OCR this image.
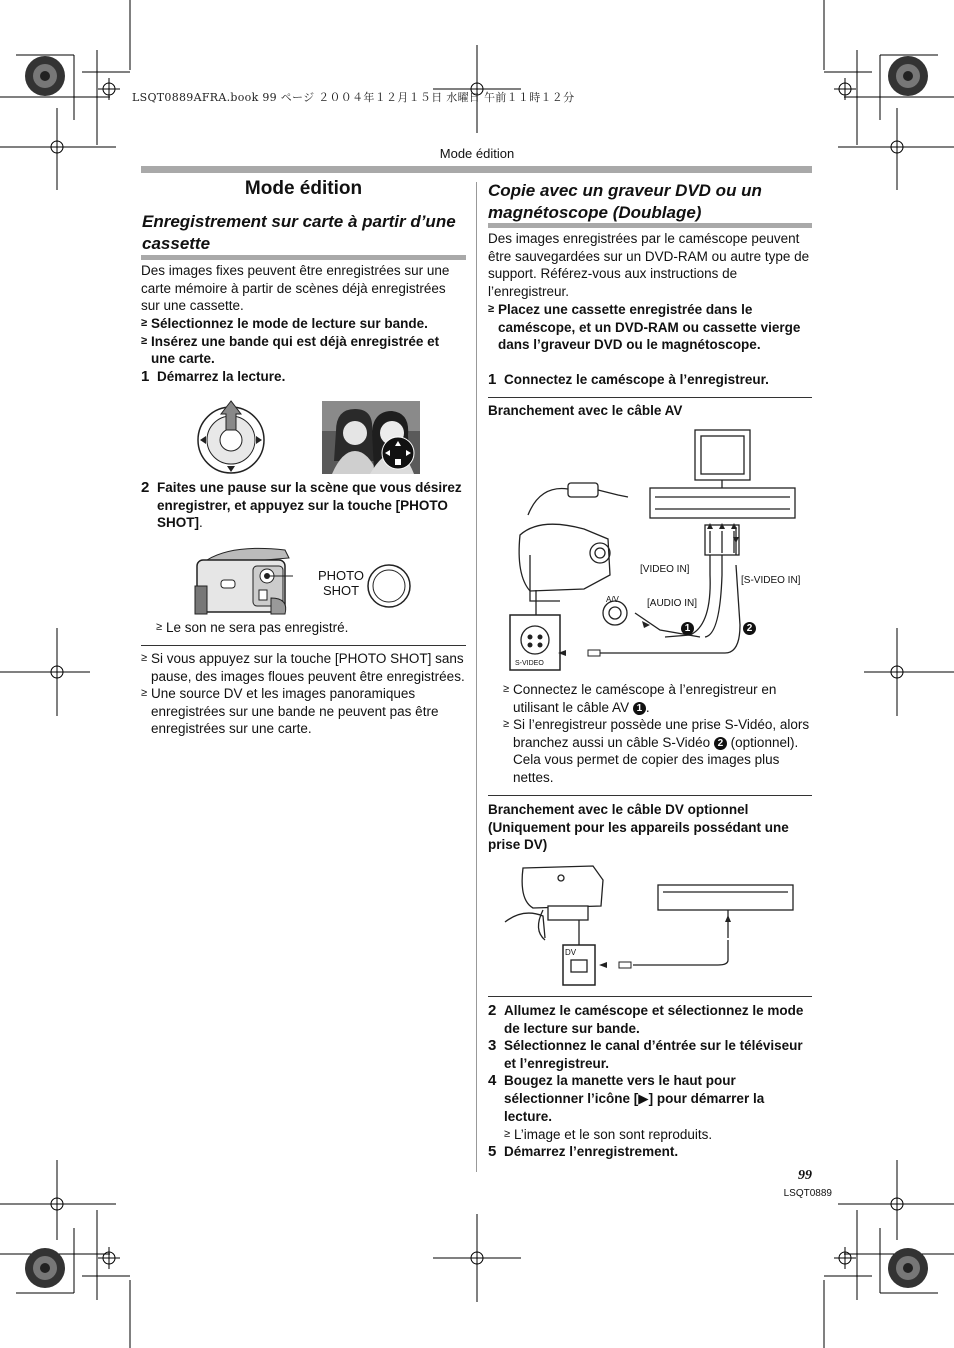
LSQT0889AFRA.book 99 ページ ２００４年１２月１５日 水曜日 午前１１時１２分
Mode édition
Mode édition
Enregistrement sur carte à partir d’une cassette
Des images fixes peuvent être enregistrées sur une carte mémoire à partir de scènes déjà enregistrées sur une cassette.
≥ Sélectionnez le mode de lecture sur bande.
≥ Insérez une bande qui est déjà enregistrée et une carte.
1 Démarrez la lecture.
2 Faites une pause sur la scène que vous désirez enregistrer, et appuyez sur la touche [PHOTO SHOT].
PHOTO
SHOT
≥ Le son ne sera pas enregistré.
≥ Si vous appuyez sur la touche [PHOTO SHOT] sans pause, des images floues peuvent être enregistrées.
≥ Une source DV et les images panoramiques enregistrées sur une bande ne peuvent pas être enregistrées sur une carte.
Copie avec un graveur DVD ou un magnétoscope (Doublage)
Des images enregistrées par le caméscope peuvent être sauvegardées sur un DVD-RAM ou autre type de support. Référez-vous aux instructions de l’enregistreur.
≥ Placez une cassette enregistrée dans le caméscope, et un DVD-RAM ou cassette vierge dans l’graveur DVD ou le magnétoscope.
1 Connectez le caméscope à l’enregistreur.
Branchement avec le câble AV
[VIDEO IN]
[AUDIO IN]
[S-VIDEO IN]
A/V
S-VIDEO
1	2
≥ Connectez le caméscope à l’enregistreur en utilisant le câble AV 1 .
≥ Si l’enregistreur possède une prise S-Vidéo, alors branchez aussi un câble S-Vidéo 2 (optionnel). Cela vous permet de copier des images plus nettes.
Branchement avec le câble DV optionnel (Uniquement pour les appareils possédant une prise DV)
DV
2 Allumez le caméscope et sélectionnez le mode de lecture sur bande.
3 Sélectionnez le canal d’éntrée sur le téléviseur et l’enregistreur.
4 Bougez la manette vers le haut pour sélectionner l’icône [▶] pour démarrer la lecture.
≥ L’image et le son sont reproduits.
5 Démarrez l’enregistrement.
99
LSQT0889
